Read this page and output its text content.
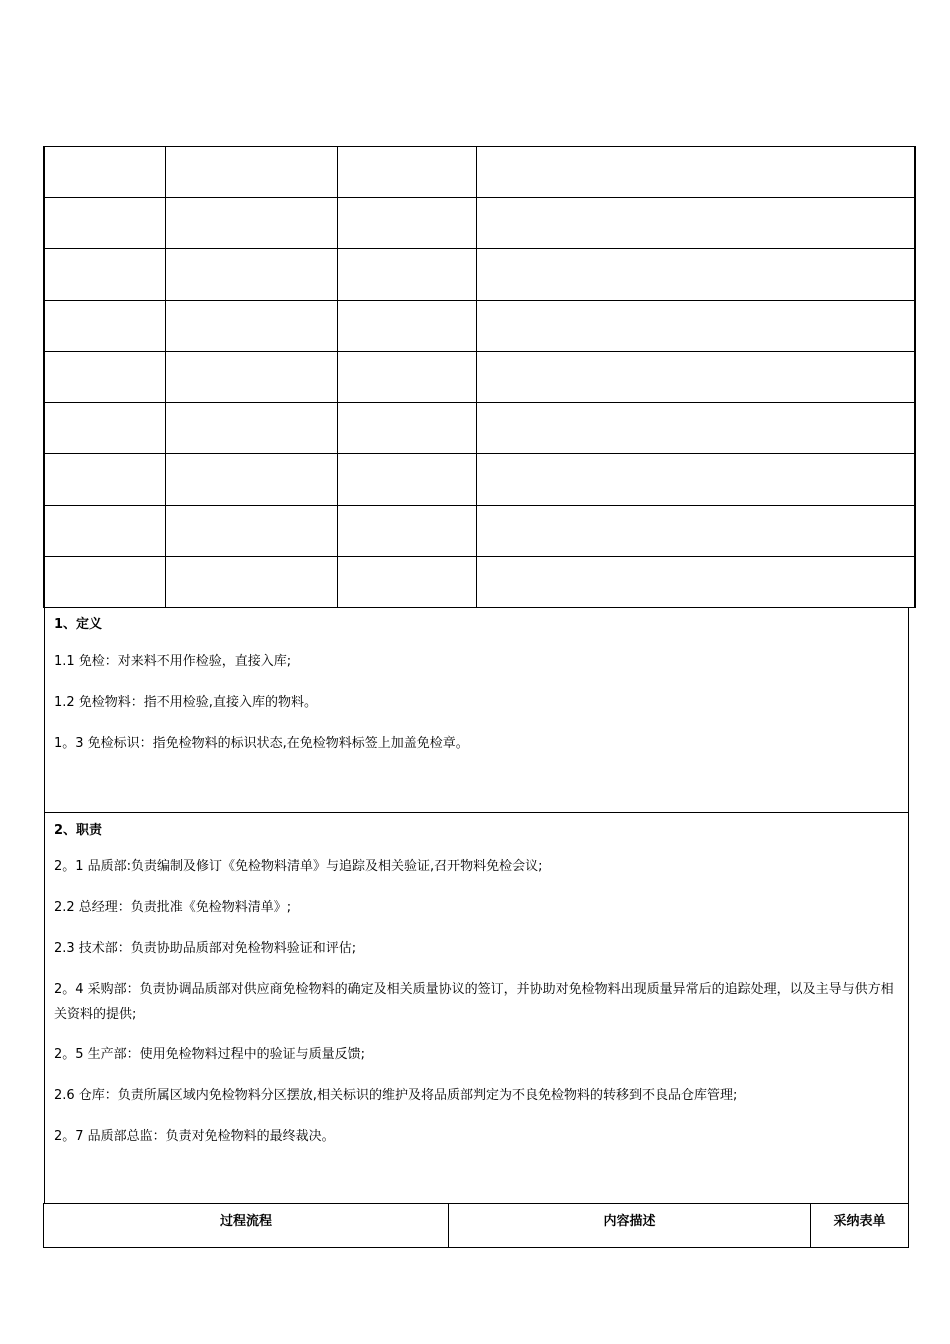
1、定义
1.1 免检：对来料不用作检验，直接入库;
1.2 免检物料：指不用检验,直接入库的物料。
1。3 免检标识：指免检物料的标识状态,在免检物料标签上加盖免检章。
2、职责
2。1 品质部:负责编制及修订《免检物料清单》与追踪及相关验证,召开物料免检会议;
2.2 总经理：负责批准《免检物料清单》;
2.3 技术部：负责协助品质部对免检物料验证和评估;
2。4 采购部：负责协调品质部对供应商免检物料的确定及相关质量协议的签订，并协助对免检物料出现质量异常后的追踪处理，以及主导与供方相关资料的提供;
2。5 生产部：使用免检物料过程中的验证与质量反馈;
2.6 仓库：负责所属区域内免检物料分区摆放,相关标识的维护及将品质部判定为不良免检物料的转移到不良品仓库管理;
2。7 品质部总监：负责对免检物料的最终裁决。
过程流程	内容描述	采纳表单
